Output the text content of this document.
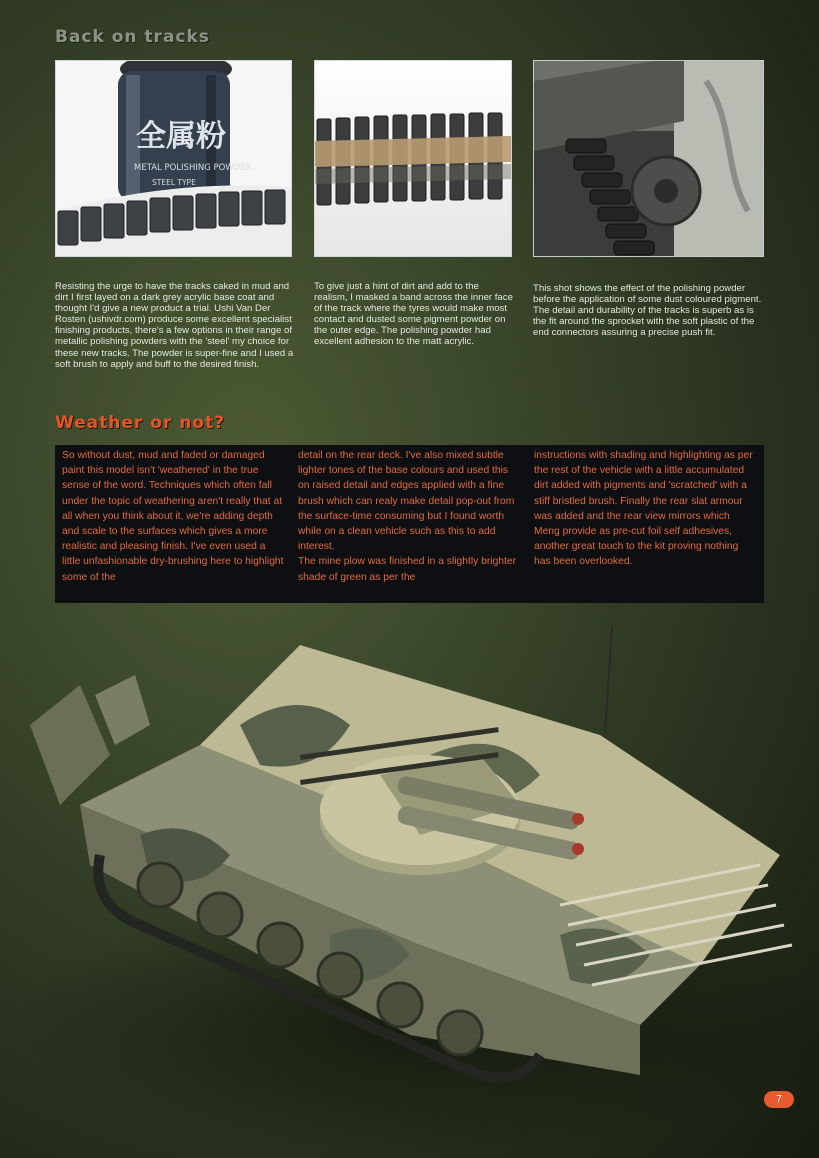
Back on tracks
全属粉
METAL POLISHING POWDER
STEEL TYPE

Resisting the urge to have the tracks caked in mud and dirt I first layed on a dark grey acrylic base coat and thought I'd give a new product a trial. Ushi Van Der Rosten (ushivdr.com) produce some excellent specialist finishing products, there's a few options in their range of metallic polishing powders with the 'steel' my choice for these new tracks. The powder is super-fine and I used a soft brush to apply and buff to the desired finish.

To give just a hint of dirt and add to the realism, I masked a band across the inner face of the track where the tyres would make most contact and dusted some pigment powder on the outer edge. The polishing powder had excellent adhesion to the matt acrylic.

This shot shows the effect of the polishing powder before the application of some dust coloured pigment. The detail and durability of the tracks is superb as is the fit around the sprocket with the soft plastic of the end connectors assuring a precise push fit.

Weather or not?

So without dust, mud and faded or damaged paint this model isn't 'weathered' in the true sense of the word. Techniques which often fall under the topic of weathering aren't really that at all when you think about it, we're adding depth and scale to the surfaces which gives a more realistic and pleasing finish. I've even used a little unfashionable dry-brushing here to highlight some of the

detail on the rear deck. I've also mixed subtle lighter tones of the base colours and used this on raised detail and edges applied with a fine brush which can realy make detail pop-out from the surface-time consuming but I found worth while on a clean vehicle such as this to add interest.
The mine plow was finished in a slightly brighter shade of green as per the

instructions with shading and highlighting as per the rest of the vehicle with a little accumulated dirt added with pigments and 'scratched' with a stiff bristled brush. Finally the rear slat armour was added and the rear view mirrors which Meng provide as pre-cut foil self adhesives, another great touch to the kit proving nothing has been overlooked.

7
